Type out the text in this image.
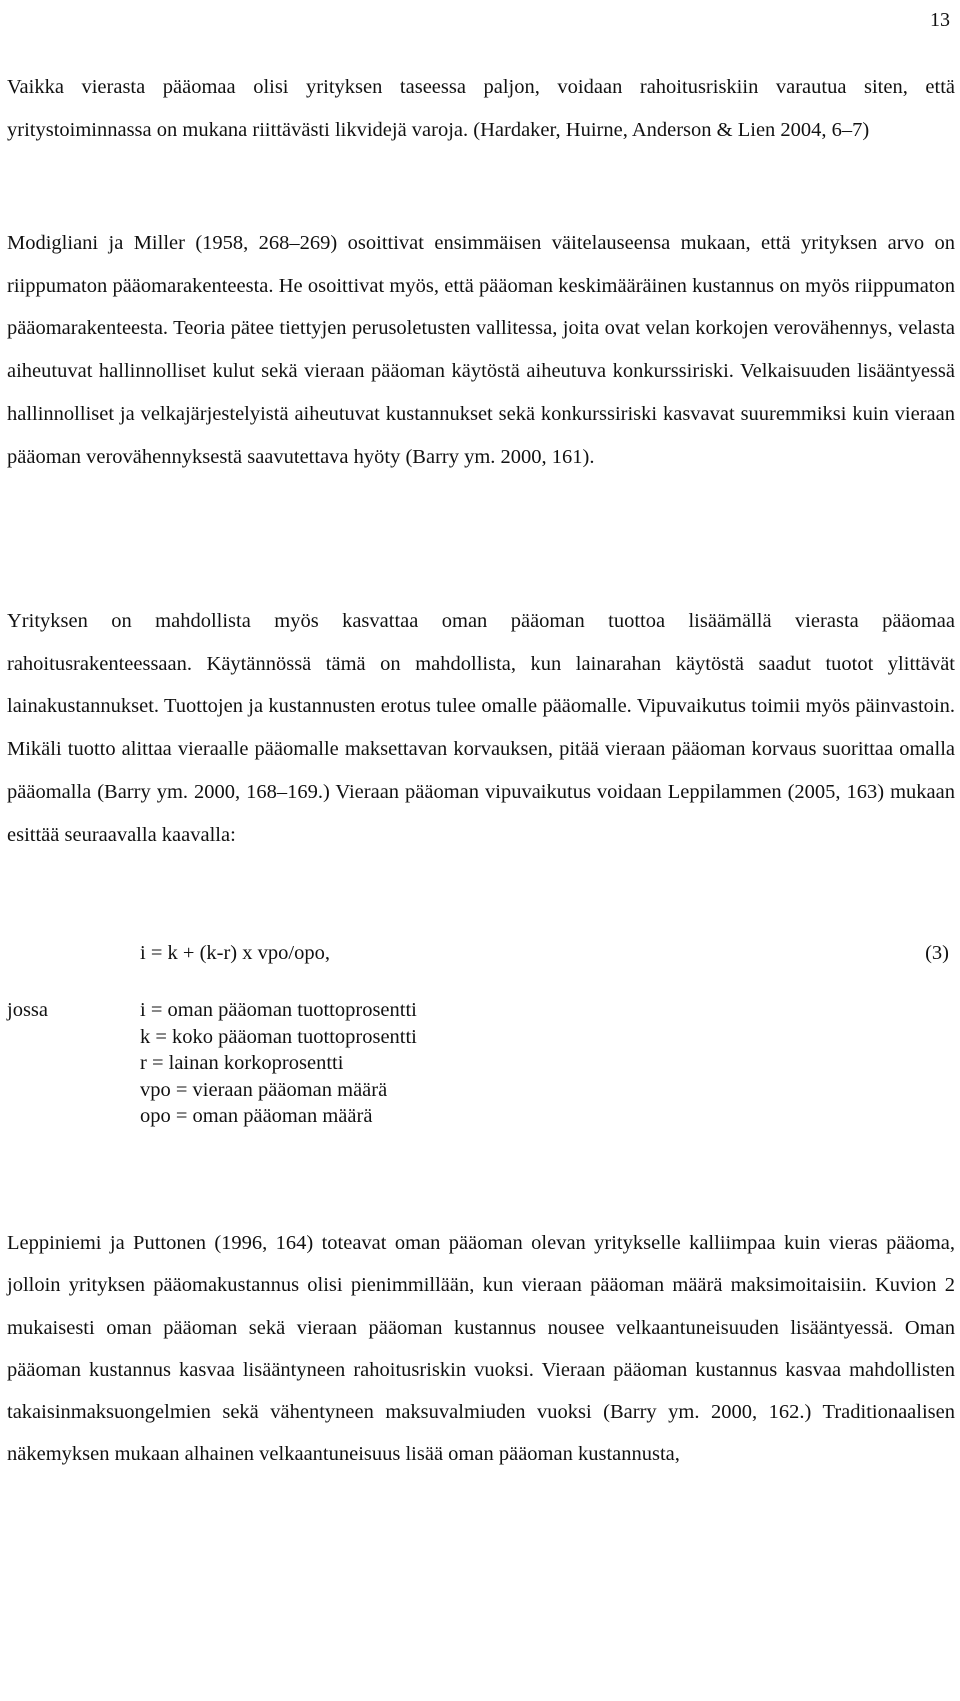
13

Vaikka vierasta pääomaa olisi yrityksen taseessa paljon, voidaan rahoitusriskiin varautua siten, että yritystoiminnassa on mukana riittävästi likvidejä varoja. (Hardaker, Huirne, Anderson & Lien 2004, 6–7)

Modigliani ja Miller (1958, 268–269) osoittivat ensimmäisen väitelauseensa mukaan, että yrityksen arvo on riippumaton pääomarakenteesta. He osoittivat myös, että pääoman keskimääräinen kustannus on myös riippumaton pääomarakenteesta. Teoria pätee tiettyjen perusoletusten vallitessa, joita ovat velan korkojen verovähennys, velasta aiheutuvat hallinnolliset kulut sekä vieraan pääoman käytöstä aiheutuva konkurssiriski. Velkaisuuden lisääntyessä hallinnolliset ja velkajärjestelyistä aiheutuvat kustannukset sekä konkurssiriski kasvavat suuremmiksi kuin vieraan pääoman verovähennyksestä saavutettava hyöty (Barry ym. 2000, 161).

Yrityksen on mahdollista myös kasvattaa oman pääoman tuottoa lisäämällä vierasta pääomaa rahoitusrakenteessaan. Käytännössä tämä on mahdollista, kun lainarahan käytöstä saadut tuotot ylittävät lainakustannukset. Tuottojen ja kustannusten erotus tulee omalle pääomalle. Vipuvaikutus toimii myös päinvastoin. Mikäli tuotto alittaa vieraalle pääomalle maksettavan korvauksen, pitää vieraan pääoman korvaus suorittaa omalla pääomalla (Barry ym. 2000, 168–169.) Vieraan pääoman vipuvaikutus voidaan Leppilammen (2005, 163) mukaan esittää seuraavalla kaavalla:

i = k + (k-r) x vpo/opo,	(3)
jossa	i = oman pääoman tuottoprosentti
k = koko pääoman tuottoprosentti
r = lainan korkoprosentti
vpo = vieraan pääoman määrä
opo = oman pääoman määrä

Leppiniemi ja Puttonen (1996, 164) toteavat oman pääoman olevan yritykselle kalliimpaa kuin vieras pääoma, jolloin yrityksen pääomakustannus olisi pienimmillään, kun vieraan pääoman määrä maksimoitaisiin. Kuvion 2 mukaisesti oman pääoman sekä vieraan pääoman kustannus nousee velkaantuneisuuden lisääntyessä. Oman pääoman kustannus kasvaa lisääntyneen rahoitusriskin vuoksi. Vieraan pääoman kustannus kasvaa mahdollisten takaisinmaksuongelmien sekä vähentyneen maksuvalmiuden vuoksi (Barry ym. 2000, 162.) Traditionaalisen näkemyksen mukaan alhainen velkaantuneisuus lisää oman pääoman kustannusta,
